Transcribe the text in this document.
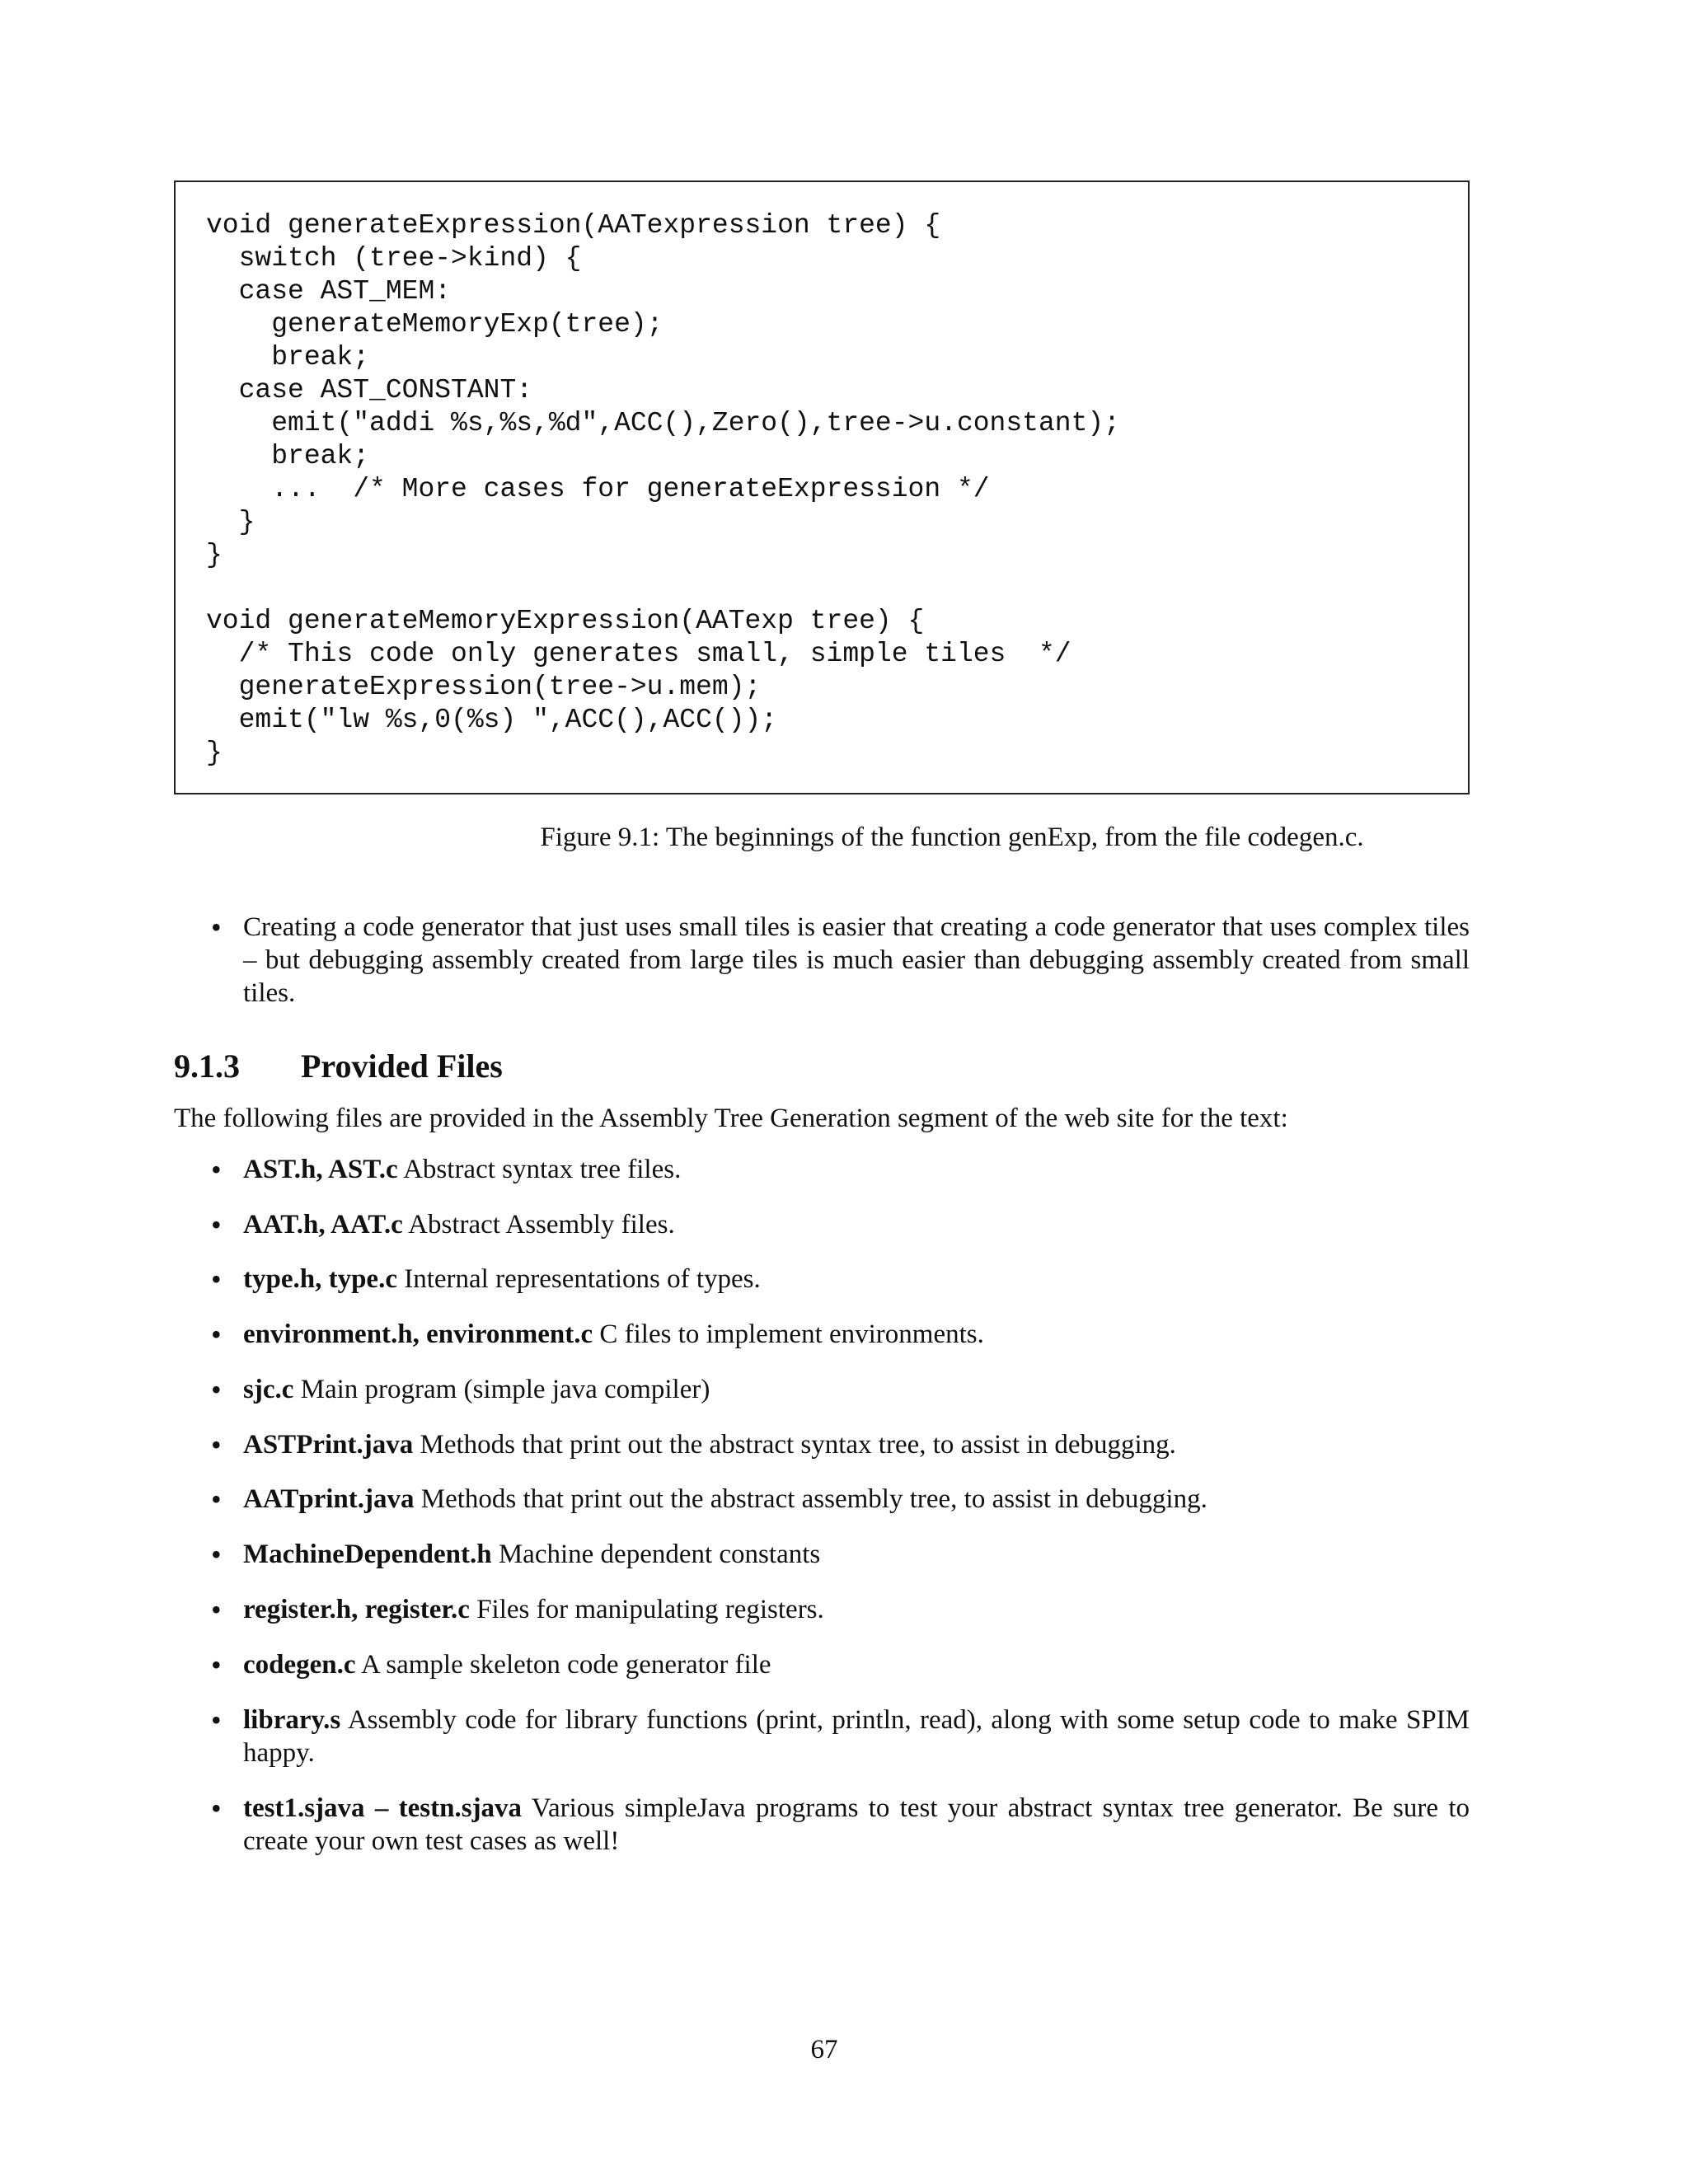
void generateExpression(AATexpression tree) {
switch (tree->kind) {
case AST_MEM:
generateMemoryExp(tree);
break;
case AST_CONSTANT:
emit("addi %s,%s,%d",ACC(),Zero(),tree->u.constant);
break;
...  /* More cases for generateExpression */
}
}

void generateMemoryExpression(AATexp tree) {
/* This code only generates small, simple tiles  */
generateExpression(tree->u.mem);
emit("lw %s,0(%s) ",ACC(),ACC());
}
Figure 9.1: The beginnings of the function genExp, from the file codegen.c.
• Creating a code generator that just uses small tiles is easier that creating a code generator that uses complex tiles – but debugging assembly created from large tiles is much easier than debugging assembly created from small tiles.
9.1.3 Provided Files
The following files are provided in the Assembly Tree Generation segment of the web site for the text:
• AST.h, AST.c Abstract syntax tree files.
• AAT.h, AAT.c Abstract Assembly files.
• type.h, type.c Internal representations of types.
• environment.h, environment.c C files to implement environments.
• sjc.c Main program (simple java compiler)
• ASTPrint.java Methods that print out the abstract syntax tree, to assist in debugging.
• AATprint.java Methods that print out the abstract assembly tree, to assist in debugging.
• MachineDependent.h Machine dependent constants
• register.h, register.c Files for manipulating registers.
• codegen.c A sample skeleton code generator file
• library.s Assembly code for library functions (print, println, read), along with some setup code to make SPIM happy.
• test1.sjava – testn.sjava Various simpleJava programs to test your abstract syntax tree generator. Be sure to create your own test cases as well!
67
